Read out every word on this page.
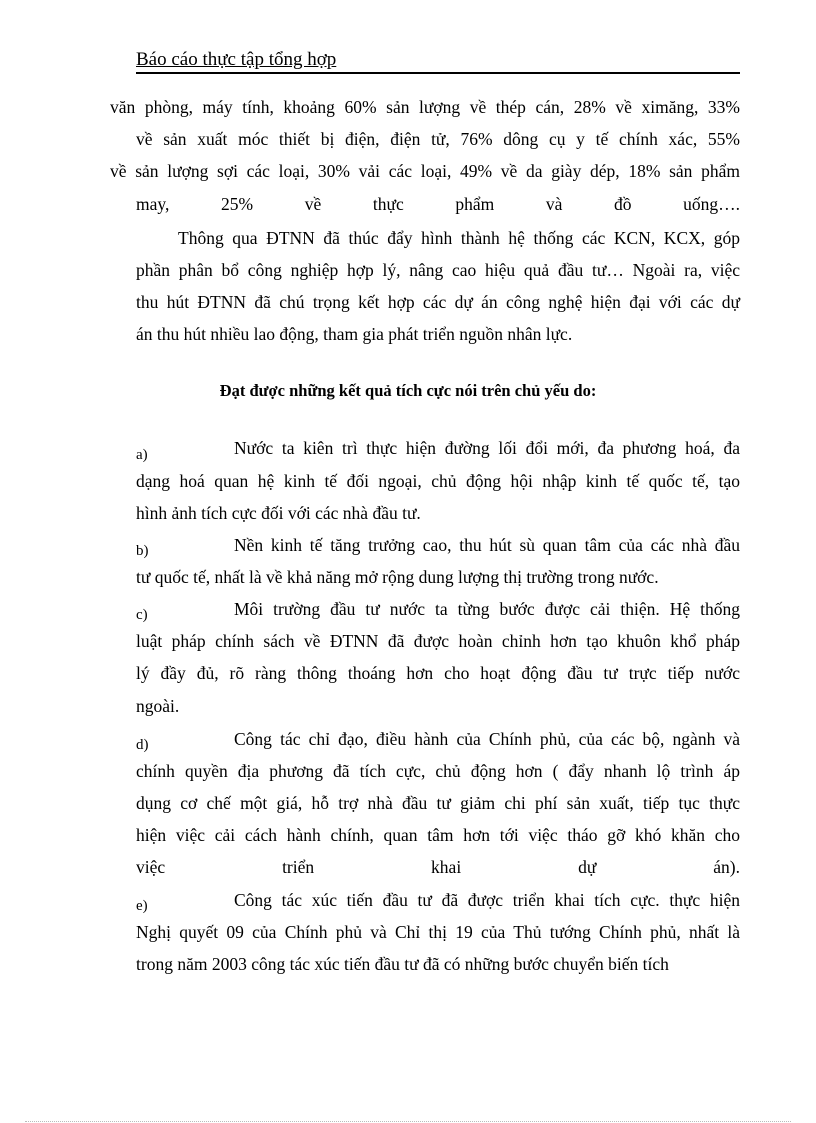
Báo cáo thực tập tổng hợp
văn phòng, máy tính, khoảng 60% sản lượng về thép cán, 28% về ximăng, 33%
về sản xuất móc thiết bị điện, điện tử, 76% dông cụ y tế chính xác, 55%
về sản lượng sợi các loại, 30% vải các loại, 49% về da giày dép, 18% sản phẩm
may, 25% về thực phẩm và đồ uống….
Thông qua ĐTNN đã thúc đẩy hình thành hệ thống các KCN, KCX, góp
phần phân bổ công nghiệp hợp lý, nâng cao hiệu quả đầu tư… Ngoài ra, việc
thu hút ĐTNN đã chú trọng kết hợp các dự án công nghệ hiện đại với các dự
án thu hút nhiều lao động, tham gia phát triển nguồn nhân lực.
Đạt được những kết quả tích cực nói trên chủ yếu do:
a)	Nước ta kiên trì thực hiện đường lối đổi mới, đa phương hoá, đa
dạng hoá quan hệ kinh tế đối ngoại, chủ động hội nhập kinh tế quốc tế, tạo
hình ảnh tích cực đối với các nhà đầu tư.
b)	Nền kinh tế tăng trưởng cao, thu hút sù quan tâm của các nhà đầu
tư quốc tế, nhất là về khả năng mở rộng dung lượng thị trường trong nước.
c)	Môi trường đầu tư nước ta từng bước được cải thiện. Hệ thống
luật pháp chính sách về ĐTNN đã được hoàn chỉnh hơn tạo khuôn khổ pháp
lý đầy đủ, rõ ràng thông thoáng hơn cho hoạt động đầu tư trực tiếp nước
ngoài.
d)	Công tác chỉ đạo, điều hành của Chính phủ, của các bộ, ngành và
chính quyền địa phương đã tích cực, chủ động hơn ( đẩy nhanh lộ trình áp
dụng cơ chế một giá, hỗ trợ nhà đầu tư giảm chi phí sản xuất, tiếp tục thực
hiện việc cải cách hành chính, quan tâm hơn tới việc tháo gỡ khó khăn cho
việc triển khai dự án).
e)	Công tác xúc tiến đầu tư đã được triển khai tích cực. thực hiện
Nghị quyết 09 của Chính phủ và Chỉ thị 19 của Thủ tướng Chính phủ, nhất là
trong năm 2003 công tác xúc tiến đầu tư đã có những bước chuyển biến tích
